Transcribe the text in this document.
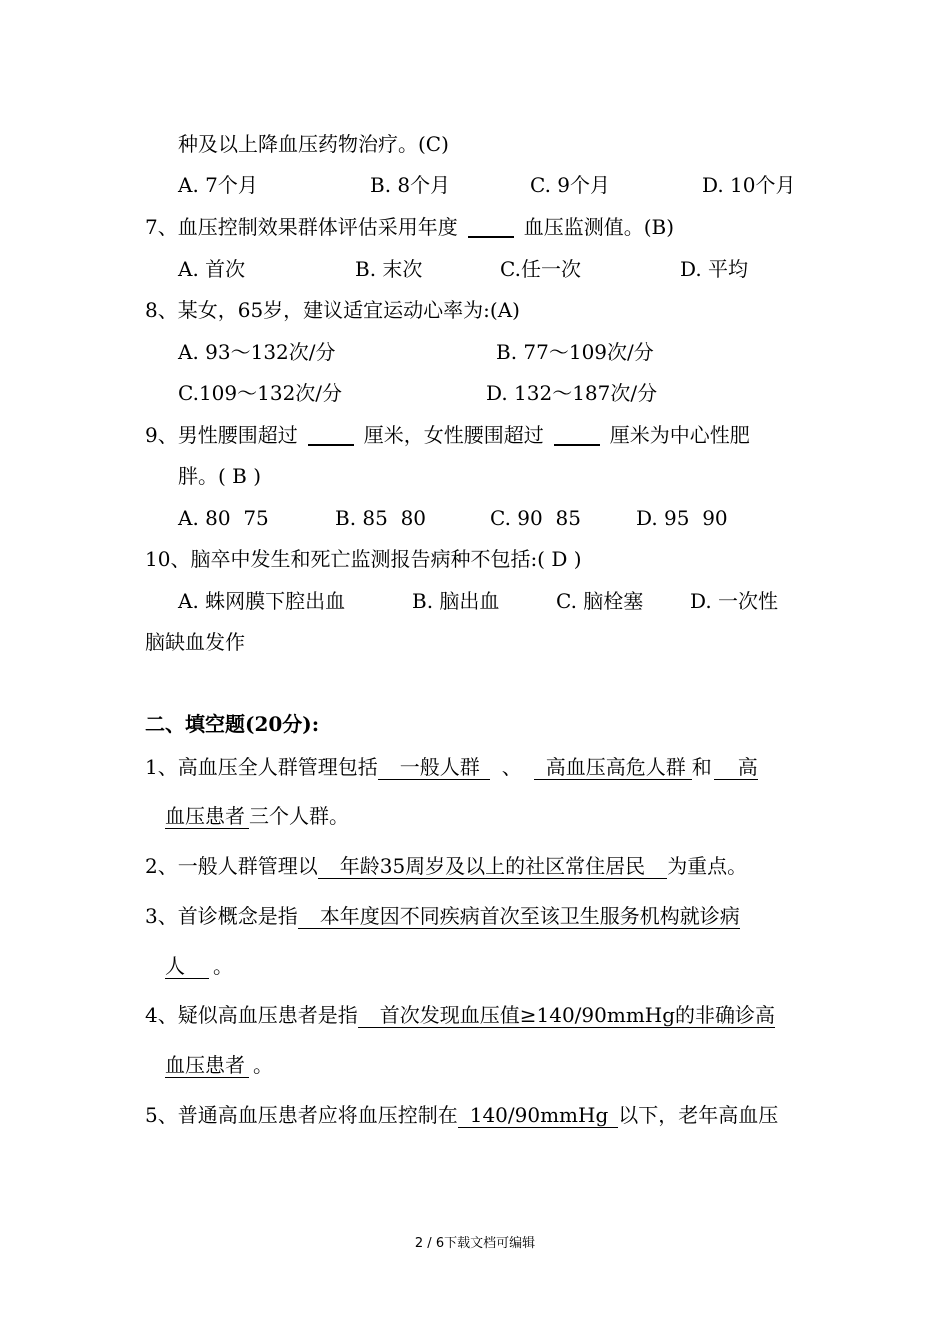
种及以上降血压药物治疗。(C)
A. 7个月	B. 8个月	C. 9个月	D. 10个月
7、血压控制效果群体评估采用年度	血压监测值。(B)
A. 首次	B. 末次	C.任一次	D. 平均
8、某女，65岁，建议适宜运动心率为:(A)
A. 93～132次/分	B. 77～109次/分
C.109～132次/分	D. 132～187次/分
9、男性腰围超过	厘米，女性腰围超过	厘米为中心性肥
胖。( B )
A. 80  75	B. 85  80	C. 90  85	D. 95  90
10、脑卒中发生和死亡监测报告病种不包括:( D )
A. 蛛网膜下腔出血	B. 脑出血	C. 脑栓塞 D. 一次性
脑缺血发作
二、填空题(20分):
1、高血压全人群管理包括 一般人群 、 高血压高危人群 和 高
血压患者 三个人群。
2、一般人群管理以 年龄35周岁及以上的社区常住居民 为重点。
3、首诊概念是指 本年度因不同疾病首次至该卫生服务机构就诊病
人 。
4、疑似高血压患者是指 首次发现血压值≥140/90mmHg的非确诊高
血压患者 。
5、普通高血压患者应将血压控制在 140/90mmHg 以下，老年高血压
2 / 6下载文档可编辑
